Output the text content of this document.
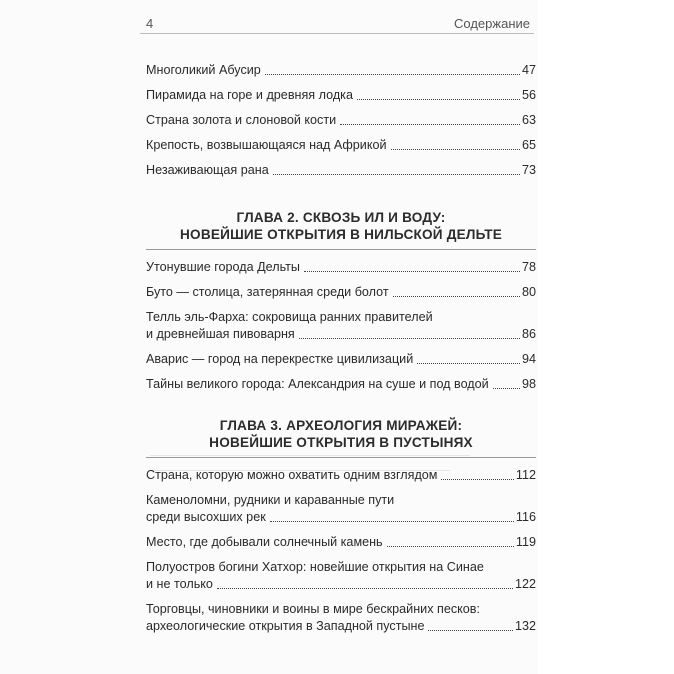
4	Содержание
Многоликий Абусир	47
Пирамида на горе и древняя лодка	56
Страна золота и слоновой кости	63
Крепость, возвышающаяся над Африкой	65
Незаживающая рана	73
ГЛАВА 2. СКВОЗЬ ИЛ И ВОДУ:
НОВЕЙШИЕ ОТКРЫТИЯ В НИЛЬСКОЙ ДЕЛЬТЕ
Утонувшие города Дельты	78
Буто — столица, затерянная среди болот	80
Телль эль-Фарха: сокровища ранних правителей
и древнейшая пивоварня	86
Аварис — город на перекрестке цивилизаций	94
Тайны великого города: Александрия на суше и под водой	98
ГЛАВА 3. АРХЕОЛОГИЯ МИРАЖЕЙ:
НОВЕЙШИЕ ОТКРЫТИЯ В ПУСТЫНЯХ
Страна, которую можно охватить одним взглядом	112
Каменоломни, рудники и караванные пути
среди высохших рек	116
Место, где добывали солнечный камень	119
Полуостров богини Хатхор: новейшие открытия на Синае
и не только	122
Торговцы, чиновники и воины в мире бескрайних песков:
археологические открытия в Западной пустыне	132
